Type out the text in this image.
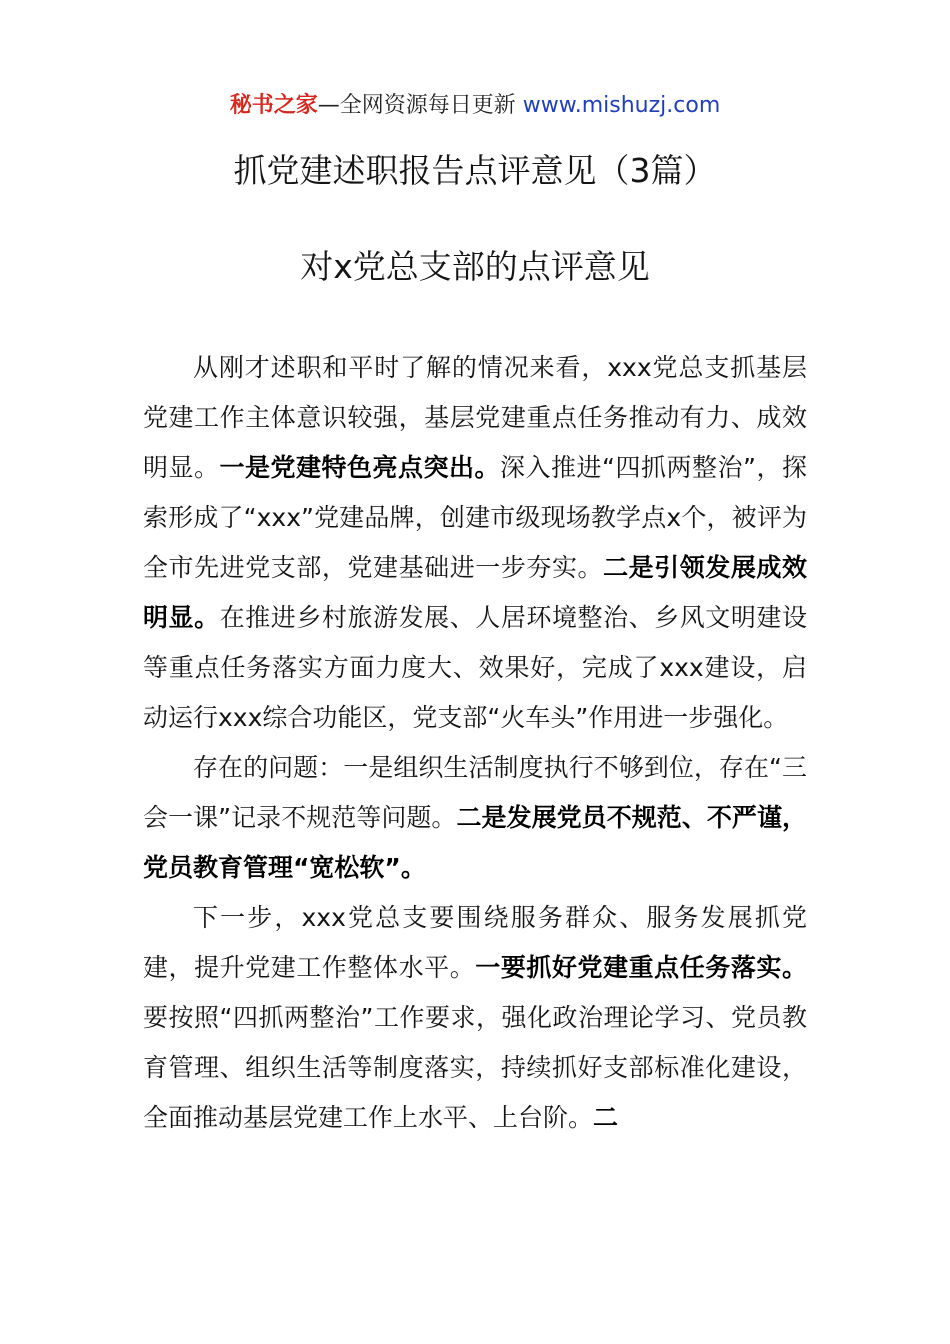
秘书之家—全网资源每日更新 www.mishuzj.com
抓党建述职报告点评意见（3篇）
对x党总支部的点评意见

从刚才述职和平时了解的情况来看，xxx党总支抓基层党建工作主体意识较强，基层党建重点任务推动有力、成效明显。一是党建特色亮点突出。深入推进“四抓两整治”，探索形成了“xxx”党建品牌，创建市级现场教学点x个，被评为全市先进党支部，党建基础进一步夯实。二是引领发展成效明显。在推进乡村旅游发展、人居环境整治、乡风文明建设等重点任务落实方面力度大、效果好，完成了xxx建设，启动运行xxx综合功能区，党支部“火车头”作用进一步强化。

存在的问题：一是组织生活制度执行不够到位，存在“三会一课”记录不规范等问题。二是发展党员不规范、不严谨，党员教育管理“宽松软”。

下一步，xxx党总支要围绕服务群众、服务发展抓党建，提升党建工作整体水平。一要抓好党建重点任务落实。要按照“四抓两整治”工作要求，强化政治理论学习、党员教育管理、组织生活等制度落实，持续抓好支部标准化建设，全面推动基层党建工作上水平、上台阶。二
